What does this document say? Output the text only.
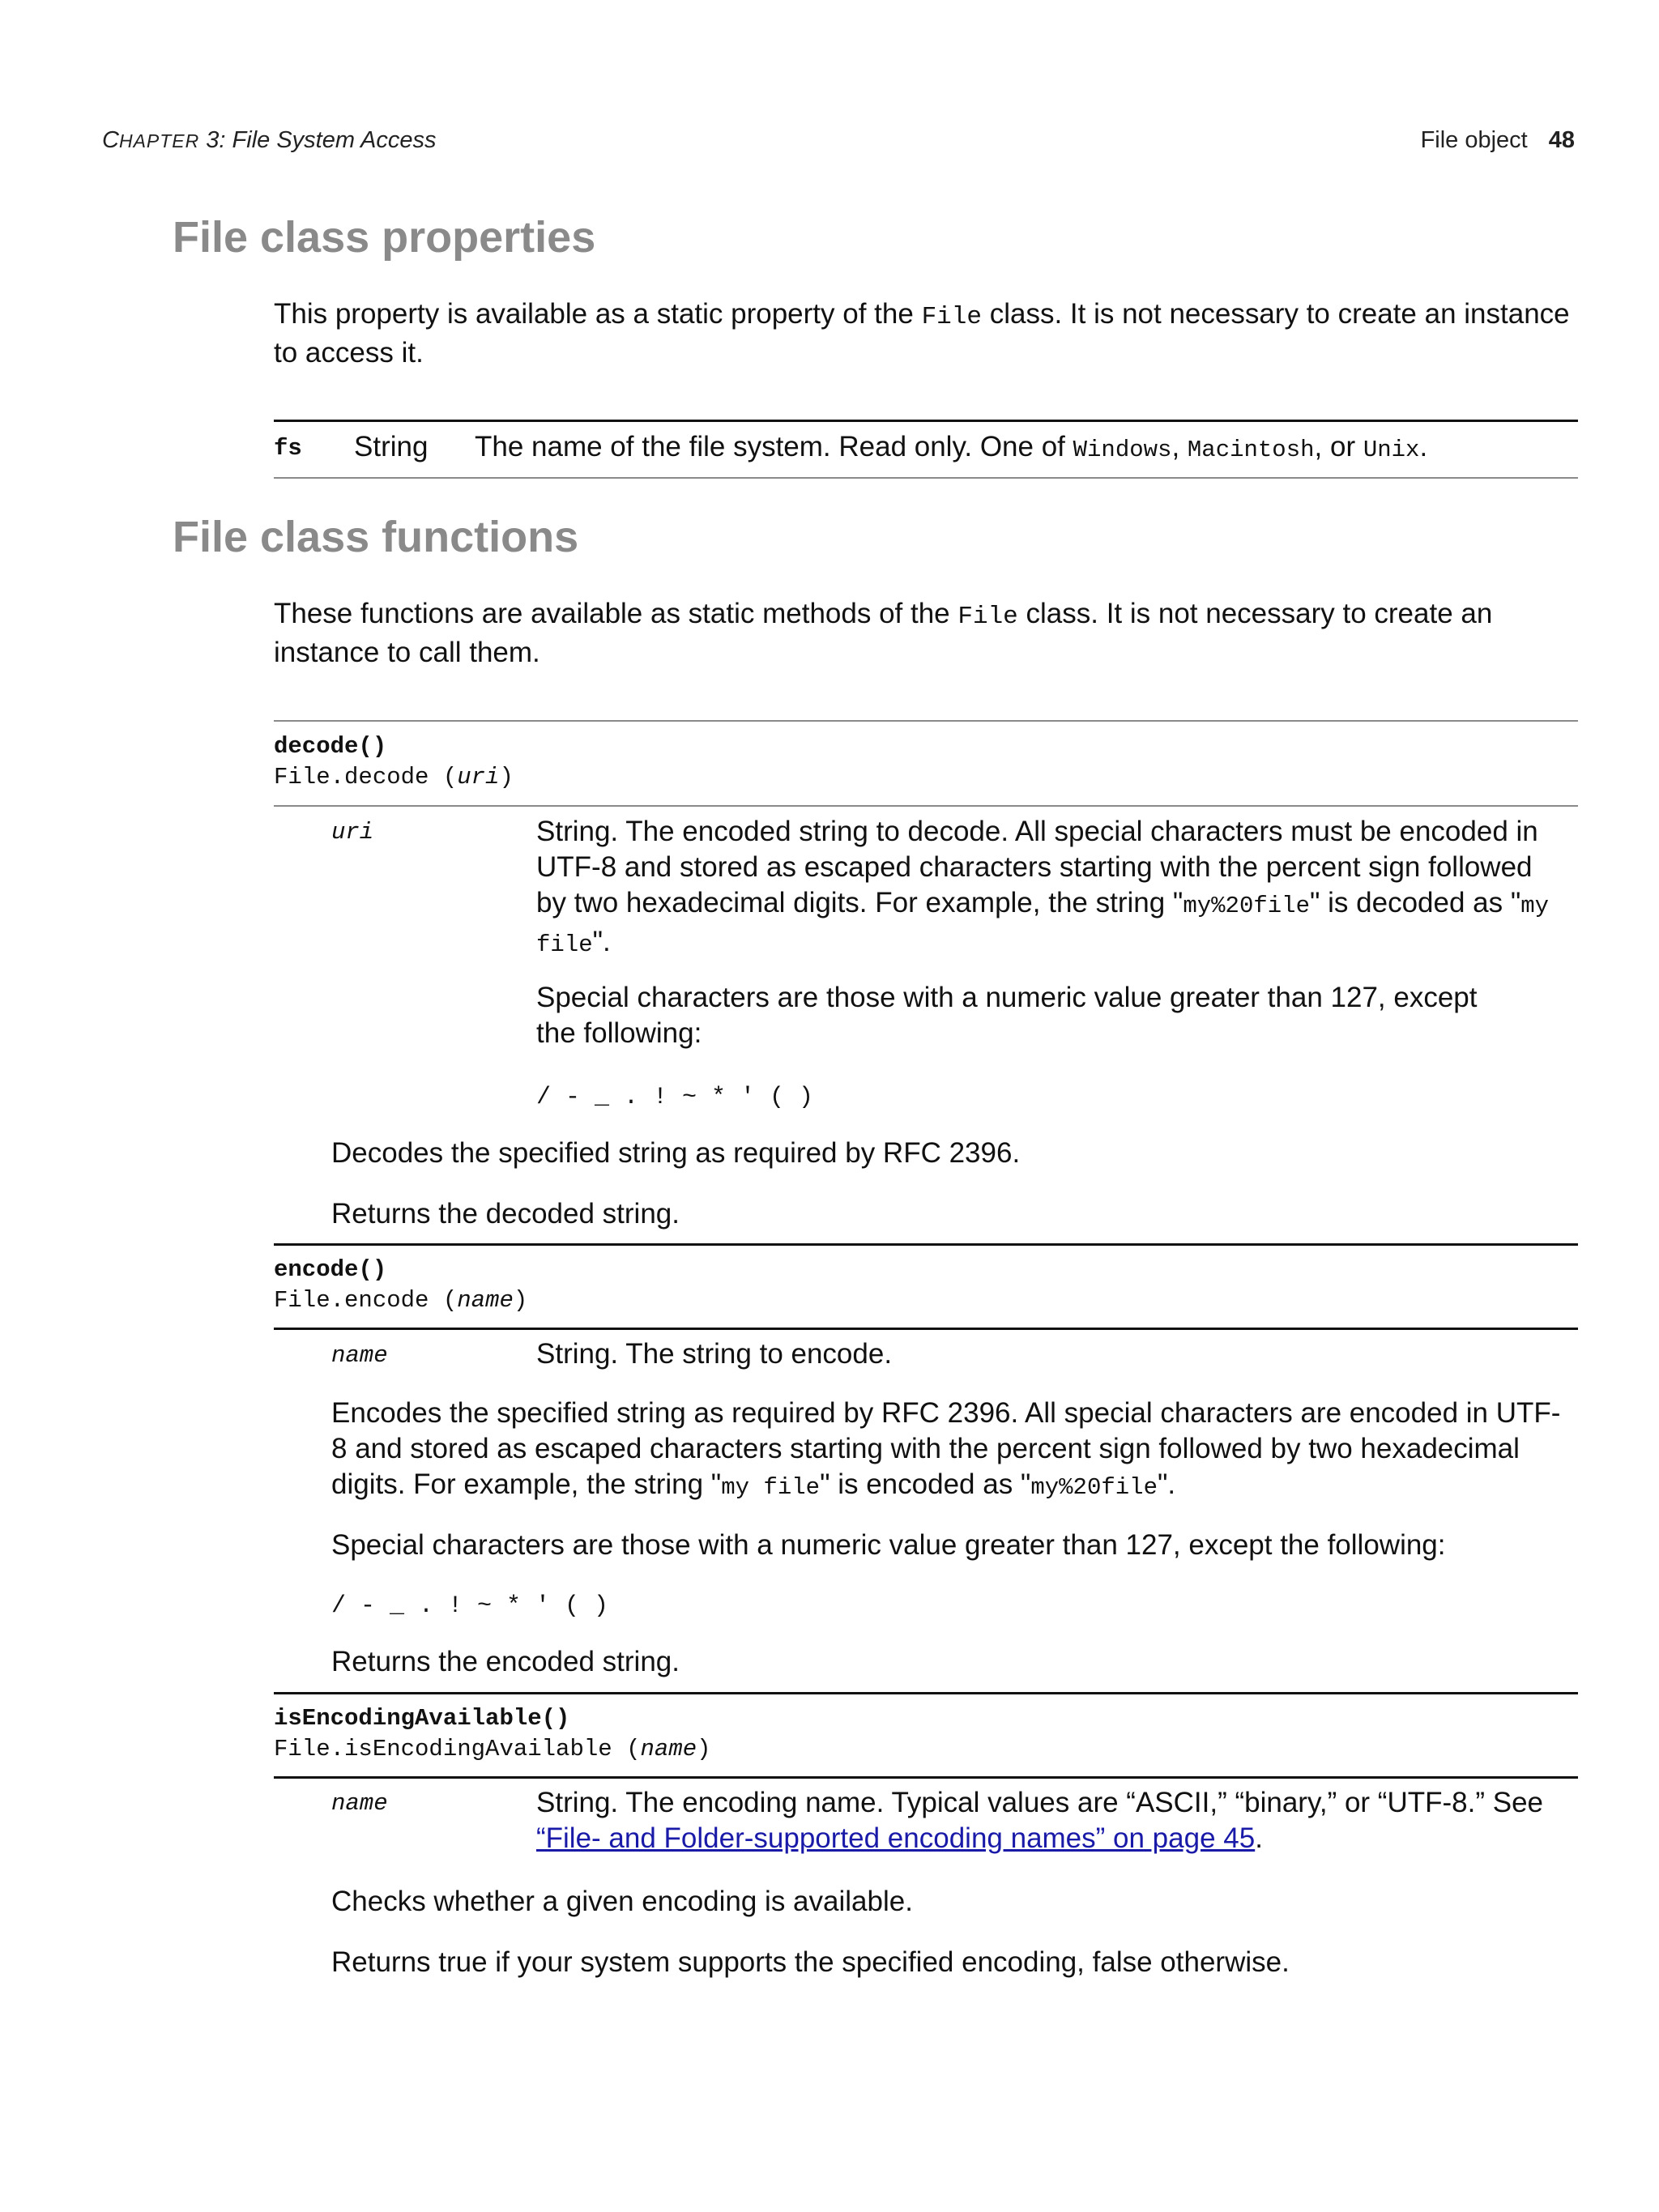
CHAPTER 3: File System Access	File object 48
File class properties
This property is available as a static property of the File class. It is not necessary to create an instance to access it.
fs String The name of the file system. Read only. One of Windows, Macintosh, or Unix.
File class functions
These functions are available as static methods of the File class. It is not necessary to create an instance to call them.
decode()
File.decode (uri)
uri	String. The encoded string to decode. All special characters must be encoded in UTF-8 and stored as escaped characters starting with the percent sign followed by two hexadecimal digits. For example, the string "my%20file" is decoded as "my file".
Special characters are those with a numeric value greater than 127, except the following:
/ - _ . ! ~ * ' ( )
Decodes the specified string as required by RFC 2396.
Returns the decoded string.
encode()
File.encode (name)
name	String. The string to encode.
Encodes the specified string as required by RFC 2396. All special characters are encoded in UTF-8 and stored as escaped characters starting with the percent sign followed by two hexadecimal digits. For example, the string "my file" is encoded as "my%20file".
Special characters are those with a numeric value greater than 127, except the following:
/ - _ . ! ~ * ' ( )
Returns the encoded string.
isEncodingAvailable()
File.isEncodingAvailable (name)
name	String. The encoding name. Typical values are “ASCII,” “binary,” or “UTF-8.” See “File- and Folder-supported encoding names” on page 45.
Checks whether a given encoding is available.
Returns true if your system supports the specified encoding, false otherwise.
